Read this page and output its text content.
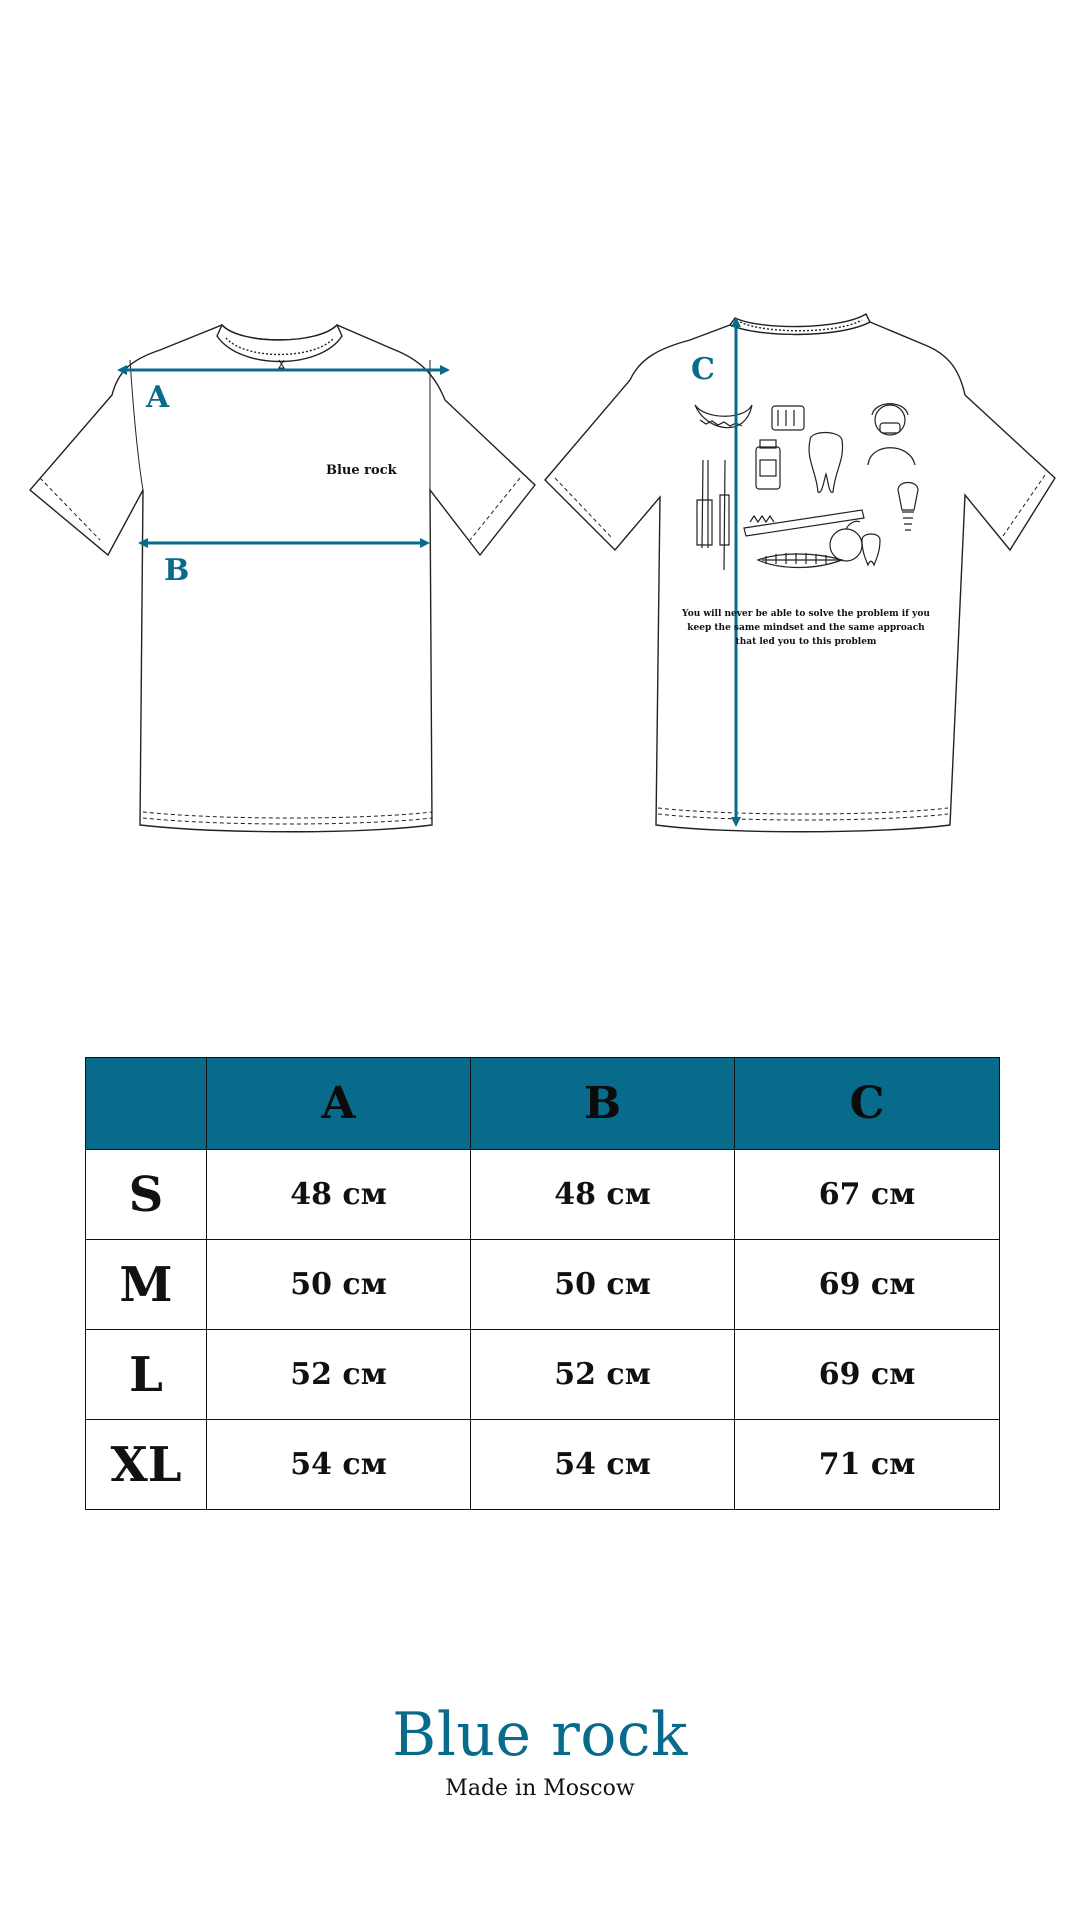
A
B
C
Blue rock
You will never be able to solve the problem if you keep the same mindset and the same approach that led you to this problem
	A	B	C
S	48 см	48 см	67 см
M	50 см	50 см	69 см
L	52 см	52 см	69 см
XL	54 см	54 см	71 см
Blue rock
Made in Moscow
